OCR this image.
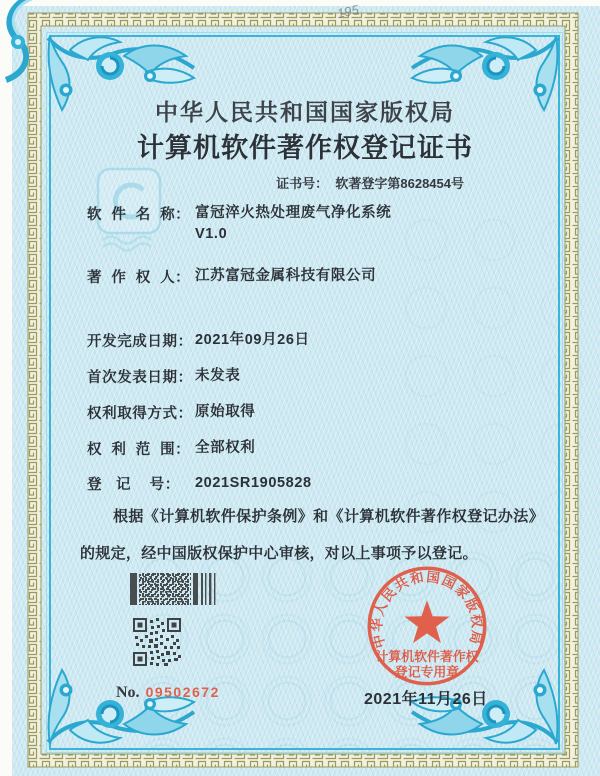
中华人民共和国国家版权局
计算机软件著作权登记证书
证书号：  软著登字第8628454号
软  件  名  称： 富冠淬火热处理废气净化系统
V1.0
著  作  权  人： 江苏富冠金属科技有限公司
开发完成日期： 2021年09月26日
首次发表日期： 未发表
权利取得方式： 原始取得
权  利  范  围： 全部权利
登   记    号：	2021SR1905828
根据《计算机软件保护条例》和《计算机软件著作权登记办法》的规定，经中国版权保护中心审核，对以上事项予以登记。
No. 09502672	2021年11月26日
中华人民共和国国家版权局
计算机软件著作权
登记专用章
195
